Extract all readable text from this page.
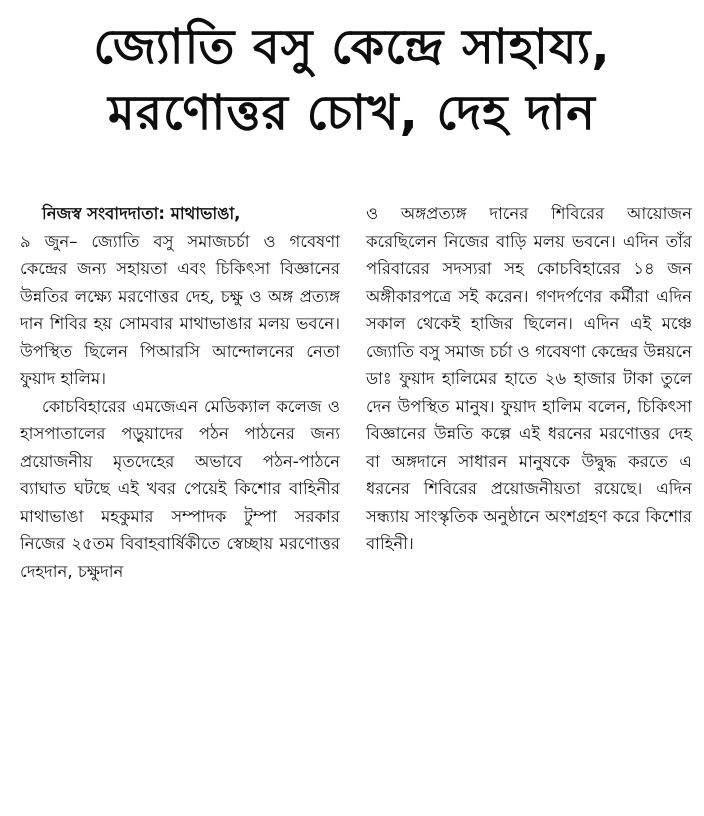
জ্যোতি বসু কেন্দ্রে সাহায্য,
মরণোত্তর চোখ, দেহ দান

নিজস্ব সংবাদদাতা: মাথাভাঙা,

৯ জুন– জ্যোতি বসু সমাজচর্চা ও গবেষণা কেন্দ্রের জন্য সহায়তা এবং চিকিৎসা বিজ্ঞানের উন্নতির লক্ষ্যে মরণোত্তর দেহ, চক্ষু ও অঙ্গ প্রত্যঙ্গ দান শিবির হয় সোমবার মাথাভাঙার মলয় ভবনে। উপস্থিত ছিলেন পিআরসি আন্দোলনের নেতা ফুয়াদ হালিম।

কোচবিহারের এমজেএন মেডিক্যাল কলেজ ও হাসপাতালের পড়ুয়াদের পঠন পাঠনের জন্য প্রয়োজনীয় মৃতদেহের অভাবে পঠন-পাঠনে ব্যাঘাত ঘটছে এই খবর পেয়েই কিশোর বাহিনীর মাথাভাঙা মহকুমার সম্পাদক টুম্পা সরকার নিজের ২৫তম বিবাহবার্ষিকীতে স্বেচ্ছায় মরণোত্তর দেহদান, চক্ষুদান

ও অঙ্গপ্রত্যঙ্গ দানের শিবিরের আয়োজন করেছিলেন নিজের বাড়ি মলয় ভবনে। এদিন তাঁর পরিবারের সদস্যরা সহ কোচবিহারের ১৪ জন অঙ্গীকারপত্রে সই করেন। গণদর্পণের কর্মীরা এদিন সকাল থেকেই হাজির ছিলেন। এদিন এই মঞ্চে জ্যোতি বসু সমাজ চর্চা ও গবেষণা কেন্দ্রের উন্নয়নে ডাঃ ফুয়াদ হালিমের হাতে ২৬ হাজার টাকা তুলে দেন উপস্থিত মানুষ। ফুয়াদ হালিম বলেন, চিকিৎসা বিজ্ঞানের উন্নতি কল্পে এই ধরনের মরণোত্তর দেহ বা অঙ্গদানে সাধারন মানুষকে উদ্বুদ্ধ করতে এ ধরনের শিবিরের প্রয়োজনীয়তা রয়েছে। এদিন সন্ধ্যায় সাংস্কৃতিক অনুষ্ঠানে অংশগ্রহণ করে কিশোর বাহিনী।
